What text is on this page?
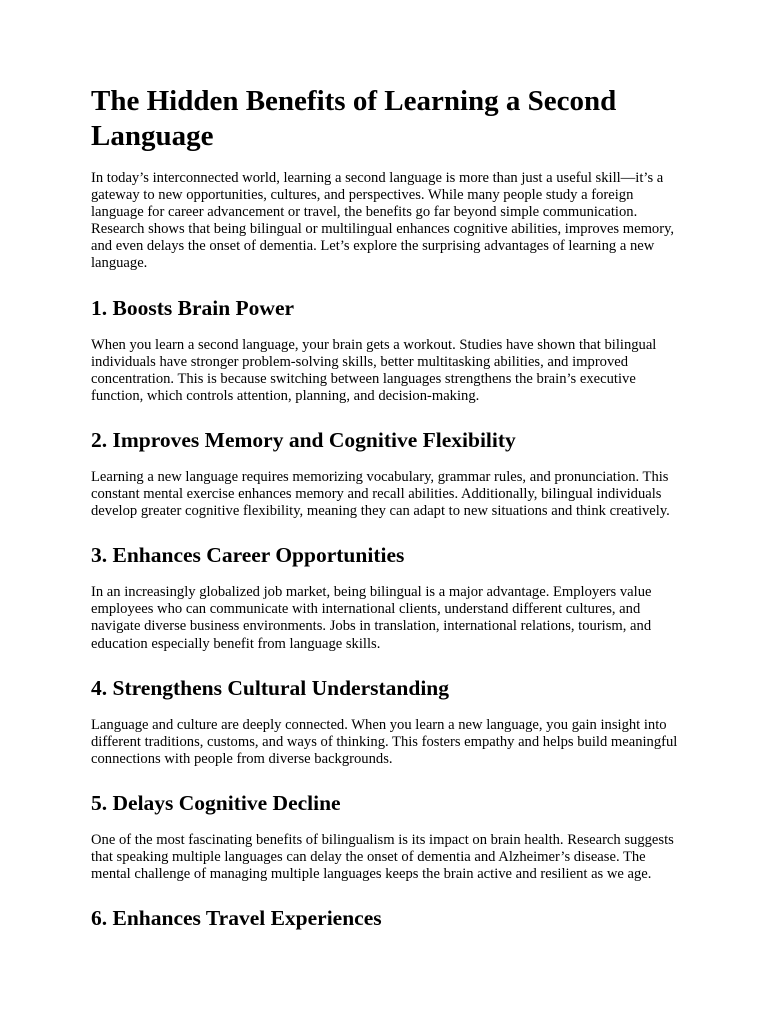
The Hidden Benefits of Learning a Second Language

In today’s interconnected world, learning a second language is more than just a useful skill—it’s a gateway to new opportunities, cultures, and perspectives. While many people study a foreign language for career advancement or travel, the benefits go far beyond simple communication. Research shows that being bilingual or multilingual enhances cognitive abilities, improves memory, and even delays the onset of dementia. Let’s explore the surprising advantages of learning a new language.

1. Boosts Brain Power

When you learn a second language, your brain gets a workout. Studies have shown that bilingual individuals have stronger problem-solving skills, better multitasking abilities, and improved concentration. This is because switching between languages strengthens the brain’s executive function, which controls attention, planning, and decision-making.

2. Improves Memory and Cognitive Flexibility

Learning a new language requires memorizing vocabulary, grammar rules, and pronunciation. This constant mental exercise enhances memory and recall abilities. Additionally, bilingual individuals develop greater cognitive flexibility, meaning they can adapt to new situations and think creatively.

3. Enhances Career Opportunities

In an increasingly globalized job market, being bilingual is a major advantage. Employers value employees who can communicate with international clients, understand different cultures, and navigate diverse business environments. Jobs in translation, international relations, tourism, and education especially benefit from language skills.

4. Strengthens Cultural Understanding

Language and culture are deeply connected. When you learn a new language, you gain insight into different traditions, customs, and ways of thinking. This fosters empathy and helps build meaningful connections with people from diverse backgrounds.

5. Delays Cognitive Decline

One of the most fascinating benefits of bilingualism is its impact on brain health. Research suggests that speaking multiple languages can delay the onset of dementia and Alzheimer’s disease. The mental challenge of managing multiple languages keeps the brain active and resilient as we age.

6. Enhances Travel Experiences
